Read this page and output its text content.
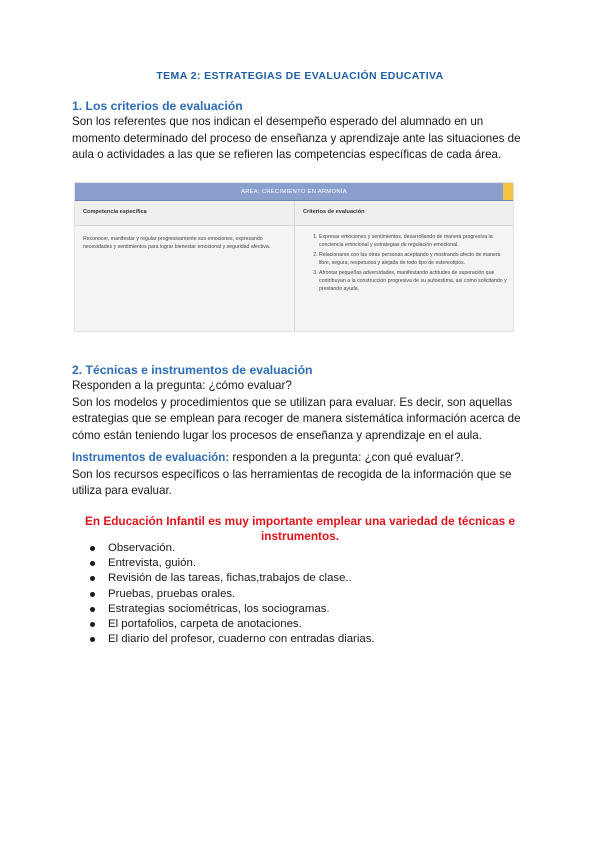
TEMA 2: ESTRATEGIAS DE EVALUACIÓN EDUCATIVA
1. Los criterios de evaluación
Son los referentes que nos indican el desempeño esperado del alumnado en un momento determinado del proceso de enseñanza y aprendizaje ante las situaciones de aula o actividades a las que se refieren las competencias específicas de cada área.
ÁREA: CRECIMIENTO EN ARMONÍA
Competencia específica	Criterios de evaluación
Reconocer, manifestar y regular progresivamente sus emociones, expresando necesidades y sentimientos para lograr bienestar emocional y seguridad afectiva.
1. Expresar emociones y sentimientos, desarrollando de manera progresiva la conciencia emocional y estrategias de regulación emocional.
2. Relacionarse con las otras personas aceptando y mostrando afecto de manera libre, segura, respetuosa y alejada de todo tipo de estereotipos.
3. Afrontar pequeñas adversidades, manifestando actitudes de superación que contribuyan a la construcción progresiva de su autoestima, así como solicitando y prestando ayuda.
2. Técnicas e instrumentos de evaluación
Responden a la pregunta: ¿cómo evaluar?
Son los modelos y procedimientos que se utilizan para evaluar. Es decir, son aquellas estrategias que se emplean para recoger de manera sistemática información acerca de cómo están teniendo lugar los procesos de enseñanza y aprendizaje en el aula.
Instrumentos de evaluación: responden a la pregunta: ¿con qué evaluar?.
Son los recursos específicos o las herramientas de recogida de la información que se utiliza para evaluar.
En Educación Infantil es muy importante emplear una variedad de técnicas e instrumentos.
Observación.
Entrevista, guión.
Revisión de las tareas, fichas,trabajos de clase..
Pruebas, pruebas orales.
Estrategias sociométricas, los sociogramas.
El portafolios, carpeta de anotaciones.
El diario del profesor, cuaderno con entradas diarias.
